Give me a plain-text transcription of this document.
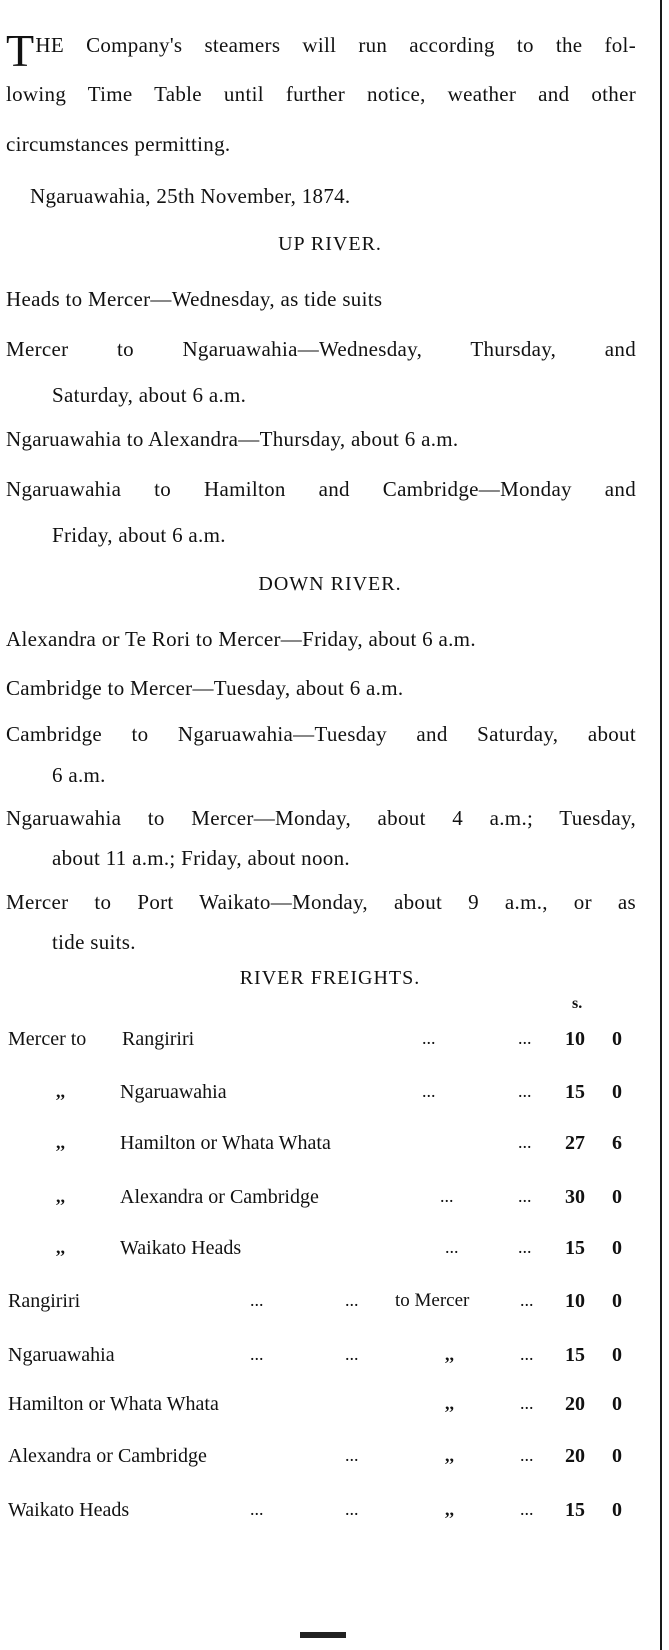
THE Company's steamers will run according to the fol-
lowing Time Table until further notice, weather and other
circumstances permitting.
Ngaruawahia, 25th November, 1874.
UP RIVER.
Heads to Mercer—Wednesday, as tide suits
Mercer to Ngaruawahia—Wednesday, Thursday, and
Saturday, about 6 a.m.
Ngaruawahia to Alexandra—Thursday, about 6 a.m.
Ngaruawahia to Hamilton and Cambridge—Monday and
Friday, about 6 a.m.
DOWN RIVER.
Alexandra or Te Rori to Mercer—Friday, about 6 a.m.
Cambridge to Mercer—Tuesday, about 6 a.m.
Cambridge to Ngaruawahia—Tuesday and Saturday, about
6 a.m.
Ngaruawahia to Mercer—Monday, about 4 a.m.; Tuesday,
about 11 a.m.; Friday, about noon.
Mercer to Port Waikato—Monday, about 9 a.m., or as
tide suits.
RIVER FREIGHTS.
s.
Mercer to Rangiriri	...	... 10	0
,,	Ngaruawahia	...	... 15	0
,,	Hamilton or Whata Whata	... 27	6
,,	Alexandra or Cambridge	...	... 30	0
,,	Waikato Heads	...	... 15	0
Rangiriri	...	... to Mercer	... 10	0
Ngaruawahia	...	...	,,	... 15	0
Hamilton or Whata Whata	,,	... 20	0
Alexandra or Cambridge	...	,,	... 20	0
Waikato Heads	...	...	,,	... 15	0
